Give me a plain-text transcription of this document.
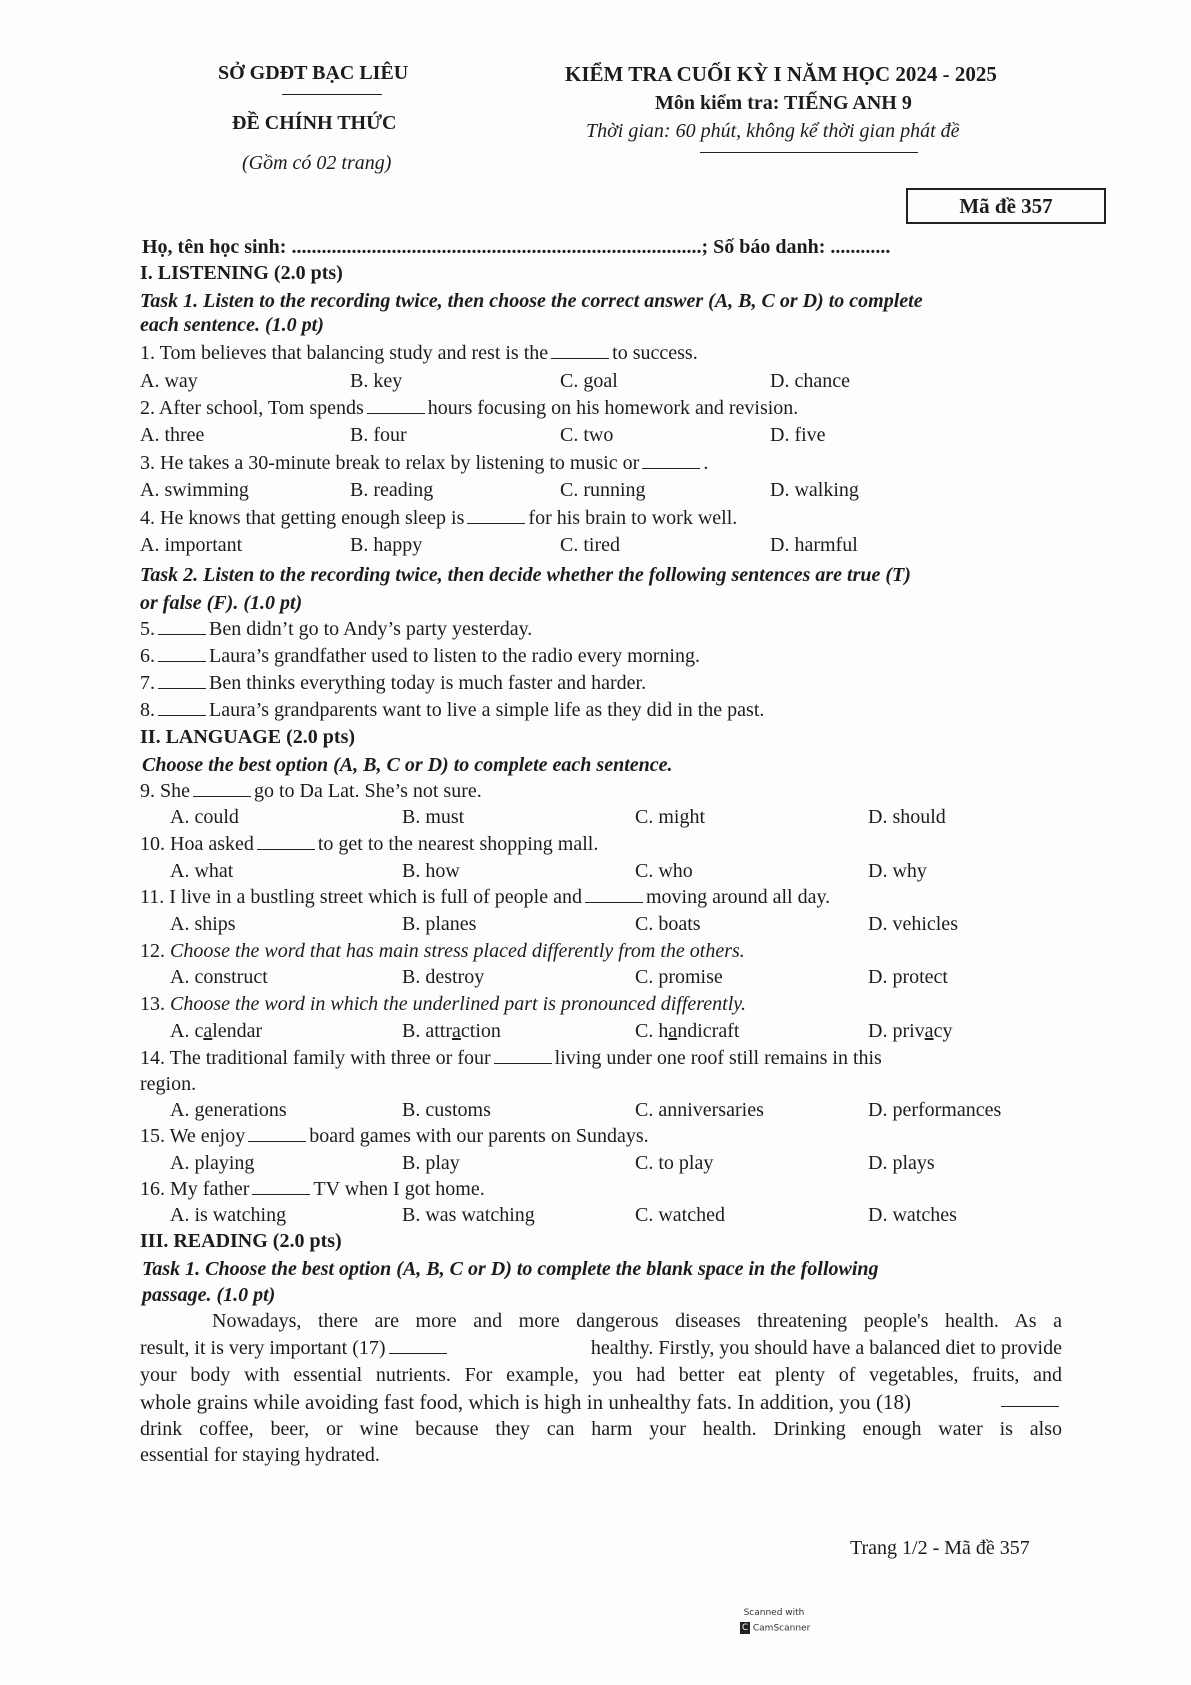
SỞ GDĐT BẠC LIÊU
ĐỀ CHÍNH THỨC
(Gồm có 02 trang)
KIỂM TRA CUỐI KỲ I NĂM HỌC 2024 - 2025
Môn kiểm tra: TIẾNG ANH 9
Thời gian: 60 phút, không kể thời gian phát đề
Mã đề 357
Họ, tên học sinh: ..................................................................................; Số báo danh: ............
I. LISTENING (2.0 pts)
Task 1. Listen to the recording twice, then choose the correct answer (A, B, C or D) to complete
each sentence. (1.0 pt)
1. Tom believes that balancing study and rest is the	to success.
A. way	B. key	C. goal	D. chance
2. After school, Tom spends	hours focusing on his homework and revision.
A. three	B. four	C. two	D. five
3. He takes a 30-minute break to relax by listening to music or	.
A. swimming	B. reading	C. running	D. walking
4. He knows that getting enough sleep is	for his brain to work well.
A. important	B. happy	C. tired	D. harmful
Task 2. Listen to the recording twice, then decide whether the following sentences are true (T)
or false (F). (1.0 pt)
5.	Ben didn’t go to Andy’s party yesterday.
6.	Laura’s grandfather used to listen to the radio every morning.
7.	Ben thinks everything today is much faster and harder.
8.	Laura’s grandparents want to live a simple life as they did in the past.
II. LANGUAGE (2.0 pts)
Choose the best option (A, B, C or D) to complete each sentence.
9. She	go to Da Lat. She’s not sure.
A. could	B. must	C. might	D. should
10. Hoa asked	to get to the nearest shopping mall.
A. what	B. how	C. who	D. why
11. I live in a bustling street which is full of people and	moving around all day.
A. ships	B. planes	C. boats	D. vehicles
12. Choose the word that has main stress placed differently from the others.
A. construct	B. destroy	C. promise	D. protect
13. Choose the word in which the underlined part is pronounced differently.
A. calendar	B. attraction	C. handicraft	D. privacy
14. The traditional family with three or four	living under one roof still remains in this
region.
A. generations	B. customs	C. anniversaries	D. performances
15. We enjoy	board games with our parents on Sundays.
A. playing	B. play	C. to play	D. plays
16. My father	TV when I got home.
A. is watching	B. was watching	C. watched	D. watches
III. READING (2.0 pts)
Task 1. Choose the best option (A, B, C or D) to complete the blank space in the following
passage. (1.0 pt)
Nowadays, there are more and more dangerous diseases threatening people's health. As a
result, it is very important (17)	healthy. Firstly, you should have a balanced diet to provide
your body with essential nutrients. For example, you had better eat plenty of vegetables, fruits, and
whole grains while avoiding fast food, which is high in unhealthy fats. In addition, you (18)
drink coffee, beer, or wine because they can harm your health. Drinking enough water is also
essential for staying hydrated.
Trang 1/2 - Mã đề 357
Scanned with
C CamScanner
